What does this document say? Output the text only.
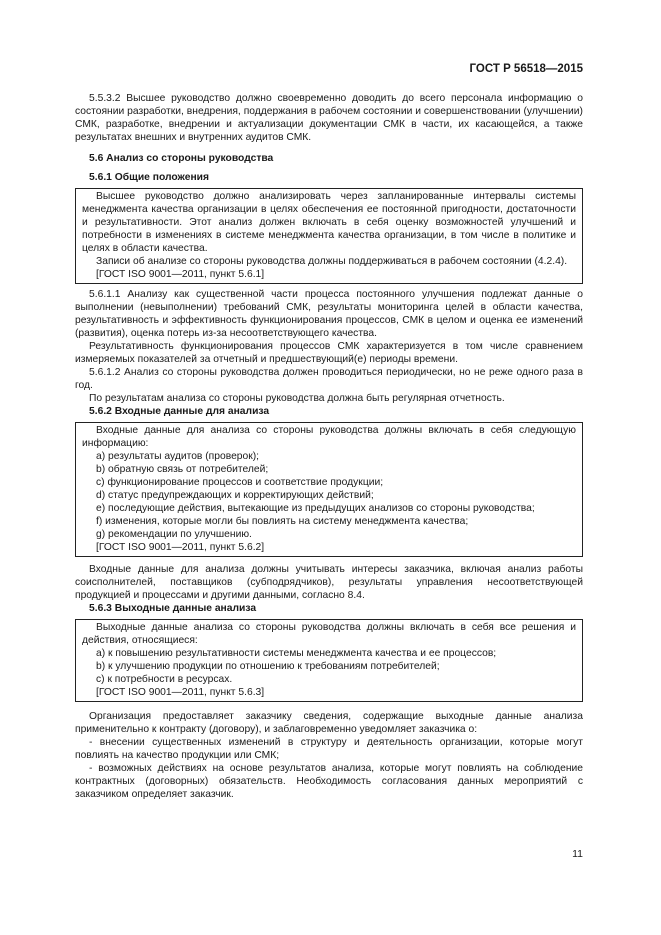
ГОСТ Р 56518—2015

5.5.3.2 Высшее руководство должно своевременно доводить до всего персонала информацию о состоянии разработки, внедрения, поддержания в рабочем состоянии и совершенствовании (улучшении) СМК, разработке, внедрении и актуализации документации СМК в части, их касающейся, а также результатах внешних и внутренних аудитов СМК.

5.6 Анализ со стороны руководства

5.6.1 Общие положения

Высшее руководство должно анализировать через запланированные интервалы системы менеджмента качества организации в целях обеспечения ее постоянной пригодности, достаточности и результативности. Этот анализ должен включать в себя оценку возможностей улучшений и потребности в изменениях в системе менеджмента качества организации, в том числе в политике и целях в области качества.

Записи об анализе со стороны руководства должны поддерживаться в рабочем состоянии (4.2.4).

[ГОСТ ISO 9001—2011, пункт 5.6.1]

5.6.1.1 Анализу как существенной части процесса постоянного улучшения подлежат данные о выполнении (невыполнении) требований СМК, результаты мониторинга целей в области качества, результативность и эффективность функционирования процессов, СМК в целом и оценка ее изменений (развития), оценка потерь из-за несоответствующего качества.

Результативность функционирования процессов СМК характеризуется в том числе сравнением измеряемых показателей за отчетный и предшествующий(е) периоды времени.

5.6.1.2 Анализ со стороны руководства должен проводиться периодически, но не реже одного раза в год.

По результатам анализа со стороны руководства должна быть регулярная отчетность.

5.6.2 Входные данные для анализа

Входные данные для анализа со стороны руководства должны включать в себя следующую информацию:

a) результаты аудитов (проверок);

b) обратную связь от потребителей;

c) функционирование процессов и соответствие продукции;

d) статус предупреждающих и корректирующих действий;

e) последующие действия, вытекающие из предыдущих анализов со стороны руководства;

f) изменения, которые могли бы повлиять на систему менеджмента качества;

g) рекомендации по улучшению.

[ГОСТ ISO 9001—2011, пункт 5.6.2]

Входные данные для анализа должны учитывать интересы заказчика, включая анализ работы соисполнителей, поставщиков (субподрядчиков), результаты управления несоответствующей продукцией и процессами и другими данными, согласно 8.4.

5.6.3 Выходные данные анализа

Выходные данные анализа со стороны руководства должны включать в себя все решения и действия, относящиеся:

a) к повышению результативности системы менеджмента качества и ее процессов;

b) к улучшению продукции по отношению к требованиям потребителей;

c) к потребности в ресурсах.

[ГОСТ ISO 9001—2011, пункт 5.6.3]

Организация предоставляет заказчику сведения, содержащие выходные данные анализа применительно к контракту (договору), и заблаговременно уведомляет заказчика о:

- внесении существенных изменений в структуру и деятельность организации, которые могут повлиять на качество продукции или СМК;

- возможных действиях на основе результатов анализа, которые могут повлиять на соблюдение контрактных (договорных) обязательств. Необходимость согласования данных мероприятий с заказчиком определяет заказчик.

11
